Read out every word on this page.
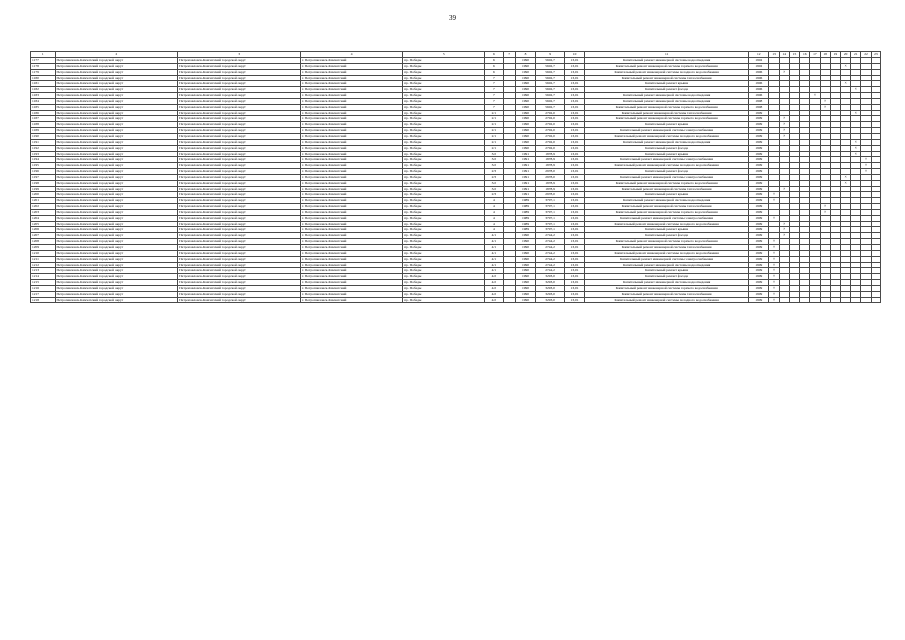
39
1	2	3	4	5	6	7	8	9	10	11	12	13	14	15	16	17	18	19	20	21	22	23
1177	Петропавловск-Камчатский городской округ	Петропавловск-Камчатский городской округ	г. Петропавловск-Камчатский	пр. Победы	6		1990	5602,7	13,01	Капитальный ремонт инженерной системы водоотведения	1902											
1178	Петропавловск-Камчатский городской округ	Петропавловск-Камчатский городской округ	г. Петропавловск-Камчатский	пр. Победы	6		1990	5602,7	13,01	Капитальный ремонт инженерной системы горячего водоснабжения	1902								×			
1179	Петропавловск-Камчатский городской округ	Петропавловск-Камчатский городской округ	г. Петропавловск-Камчатский	пр. Победы	6		1990	5602,7	13,01	Капитальный ремонт инженерной системы холодного водоснабжения	1906		×									
1180	Петропавловск-Камчатский городской округ	Петропавловск-Камчатский городской округ	г. Петропавловск-Камчатский	пр. Победы	7		1990	5602,7	13,01	Капитальный ремонт инженерной системы теплоснабжения	1906											
1181	Петропавловск-Камчатский городской округ	Петропавловск-Камчатский городской округ	г. Петропавловск-Камчатский	пр. Победы	7		1990	5602,7	13,01	Капитальный ремонт крыши	1906								×			
1182	Петропавловск-Камчатский городской округ	Петропавловск-Камчатский городской округ	г. Петропавловск-Камчатский	пр. Победы	7		1990	5602,7	13,01	Капитальный ремонт фасада	1906									×		
1183	Петропавловск-Камчатский городской округ	Петропавловск-Камчатский городской округ	г. Петропавловск-Камчатский	пр. Победы	7		1990	5602,7	13,01	Капитальный ремонт инженерной системы водоотведения	1906					×						
1184	Петропавловск-Камчатский городской округ	Петропавловск-Камчатский городской округ	г. Петропавловск-Камчатский	пр. Победы	7		1990	5602,7	13,01	Капитальный ремонт инженерной системы водоотведения	1908						×					
1185	Петропавловск-Камчатский городской округ	Петропавловск-Камчатский городской округ	г. Петропавловск-Камчатский	пр. Победы	7		1990	5602,7	13,01	Капитальный ремонт инженерной системы горячего водоснабжения	1908						×					
1186	Петропавловск-Камчатский городской округ	Петропавловск-Камчатский городской округ	г. Петропавловск-Камчатский	пр. Победы	2/1		1990	2702,0	13,01	Капитальный ремонт инженерной системы теплоснабжения	1909									×		
1187	Петропавловск-Камчатский городской округ	Петропавловск-Камчатский городской округ	г. Петропавловск-Камчатский	пр. Победы	2/1		1990	2702,0	13,01	Капитальный ремонт инженерной системы горячего водоснабжения	1909		×									
1188	Петропавловск-Камчатский городской округ	Петропавловск-Камчатский городской округ	г. Петропавловск-Камчатский	пр. Победы	2/1		1990	2702,0	13,01	Капитальный ремонт крыши	1909		×									
1189	Петропавловск-Камчатский городской округ	Петропавловск-Камчатский городской округ	г. Петропавловск-Камчатский	пр. Победы	2/1		1990	2702,0	13,01	Капитальный ремонт инженерной системы электроснабжения	1909		×									
1190	Петропавловск-Камчатский городской округ	Петропавловск-Камчатский городской округ	г. Петропавловск-Камчатский	пр. Победы	2/1		1990	2702,0	13,01	Капитальный ремонт инженерной системы холодного водоснабжения	1909		×									
1191	Петропавловск-Камчатский городской округ	Петропавловск-Камчатский городской округ	г. Петропавловск-Камчатский	пр. Победы	2/1		1990	2702,0	13,01	Капитальный ремонт инженерной системы водоотведения	1909									×		
1192	Петропавловск-Камчатский городской округ	Петропавловск-Камчатский городской округ	г. Петропавловск-Камчатский	пр. Победы	2/1		1990	2702,0	13,01	Капитальный ремонт фасада	1909									×		
1193	Петропавловск-Камчатский городской округ	Петропавловск-Камчатский городской округ	г. Петропавловск-Камчатский	пр. Победы	3/2		1991	1878,9	13,01	Капитальный ремонт крыши	1909									×		
1194	Петропавловск-Камчатский городской округ	Петропавловск-Камчатский городской округ	г. Петропавловск-Камчатский	пр. Победы	3/2		1991	1878,9	13,01	Капитальный ремонт инженерной системы электроснабжения	1909										×	
1195	Петропавловск-Камчатский городской округ	Петропавловск-Камчатский городской округ	г. Петропавловск-Камчатский	пр. Победы	3/2		1991	1878,9	13,01	Капитальный ремонт инженерной системы холодного водоснабжения	1909										×	
1196	Петропавловск-Камчатский городской округ	Петропавловск-Камчатский городской округ	г. Петропавловск-Камчатский	пр. Победы	2/3		1991	2978,0	13,01	Капитальный ремонт фасада	1909										×	
1197	Петропавловск-Камчатский городской округ	Петропавловск-Камчатский городской округ	г. Петропавловск-Камчатский	пр. Победы	2/3		1991	2978,0	13,01	Капитальный ремонт инженерной системы электроснабжения	1909								×			
1198	Петропавловск-Камчатский городской округ	Петропавловск-Камчатский городской округ	г. Петропавловск-Камчатский	пр. Победы	3/2		1991	1878,9	13,01	Капитальный ремонт инженерной системы горячего водоснабжения	1909								×			
1199	Петропавловск-Камчатский городской округ	Петропавловск-Камчатский городской округ	г. Петропавловск-Камчатский	пр. Победы	3/2		1991	1878,9	13,01	Капитальный ремонт инженерной системы теплоснабжения	1909		×									
1200	Петропавловск-Камчатский городской округ	Петропавловск-Камчатский городской округ	г. Петропавловск-Камчатский	пр. Победы	2/3		1991	2978,0	13,01	Капитальный ремонт крыши	1909	×										
1201	Петропавловск-Камчатский городской округ	Петропавловск-Камчатский городской округ	г. Петропавловск-Камчатский	пр. Победы	4		1989	3707,1	13,01	Капитальный ремонт инженерной системы водоотведения	1909	×										
1202	Петропавловск-Камчатский городской округ	Петропавловск-Камчатский городской округ	г. Петропавловск-Камчатский	пр. Победы	4		1989	3707,1	13,01	Капитальный ремонт инженерной системы теплоснабжения	1909						×					
1203	Петропавловск-Камчатский городской округ	Петропавловск-Камчатский городской округ	г. Петропавловск-Камчатский	пр. Победы	4		1989	3707,1	13,01	Капитальный ремонт инженерной системы горячего водоснабжения	1909						×					
1204	Петропавловск-Камчатский городской округ	Петропавловск-Камчатский городской округ	г. Петропавловск-Камчатский	пр. Победы	4		1989	3707,1	13,01	Капитальный ремонт инженерной системы электроснабжения	1909	×										
1205	Петропавловск-Камчатский городской округ	Петропавловск-Камчатский городской округ	г. Петропавловск-Камчатский	пр. Победы	4		1989	3707,1	13,01	Капитальный ремонт инженерной системы холодного водоснабжения	1909		×									
1206	Петропавловск-Камчатский городской округ	Петропавловск-Камчатский городской округ	г. Петропавловск-Камчатский	пр. Победы	4		1989	3707,1	13,01	Капитальный ремонт крыши	1909		×									
1207	Петропавловск-Камчатский городской округ	Петропавловск-Камчатский городской округ	г. Петропавловск-Камчатский	пр. Победы	4/1		1990	2744,2	13,01	Капитальный ремонт фасада	1909		×									
1208	Петропавловск-Камчатский городской округ	Петропавловск-Камчатский городской округ	г. Петропавловск-Камчатский	пр. Победы	4/1		1990	2744,2	13,01	Капитальный ремонт инженерной системы горячего водоснабжения	1909	×										
1209	Петропавловск-Камчатский городской округ	Петропавловск-Камчатский городской округ	г. Петропавловск-Камчатский	пр. Победы	4/1		1990	2744,2	13,01	Капитальный ремонт инженерной системы теплоснабжения	1909	×										
1210	Петропавловск-Камчатский городской округ	Петропавловск-Камчатский городской округ	г. Петропавловск-Камчатский	пр. Победы	4/1		1990	2744,2	13,01	Капитальный ремонт инженерной системы холодного водоснабжения	1909	×										
1211	Петропавловск-Камчатский городской округ	Петропавловск-Камчатский городской округ	г. Петропавловск-Камчатский	пр. Победы	4/1		1990	2744,2	13,01	Капитальный ремонт инженерной системы электроснабжения	1909	×										
1212	Петропавловск-Камчатский городской округ	Петропавловск-Камчатский городской округ	г. Петропавловск-Камчатский	пр. Победы	4/1		1990	2744,2	13,01	Капитальный ремонт инженерной системы водоотведения	1909	×										
1213	Петропавловск-Камчатский городской округ	Петропавловск-Камчатский городской округ	г. Петропавловск-Камчатский	пр. Победы	4/1		1990	2744,2	13,01	Капитальный ремонт крыши	1909	×										
1214	Петропавловск-Камчатский городской округ	Петропавловск-Камчатский городской округ	г. Петропавловск-Камчатский	пр. Победы	4/2		1990	3293,0	13,01	Капитальный ремонт фасада	1909	×										
1215	Петропавловск-Камчатский городской округ	Петропавловск-Камчатский городской округ	г. Петропавловск-Камчатский	пр. Победы	4/2		1990	3293,0	13,01	Капитальный ремонт инженерной системы водоотведения	1909	×										
1216	Петропавловск-Камчатский городской округ	Петропавловск-Камчатский городской округ	г. Петропавловск-Камчатский	пр. Победы	4/2		1990	3293,0	13,01	Капитальный ремонт инженерной системы горячего водоснабжения	1909	×										
1217	Петропавловск-Камчатский городской округ	Петропавловск-Камчатский городской округ	г. Петропавловск-Камчатский	пр. Победы	4/2		1990	3293,0	13,01	Капитальный ремонт инженерной системы теплоснабжения	1909	×										
1218	Петропавловск-Камчатский городской округ	Петропавловск-Камчатский городской округ	г. Петропавловск-Камчатский	пр. Победы	4/2		1990	3293,0	13,01	Капитальный ремонт инженерной системы холодного водоснабжения	1909	×										
